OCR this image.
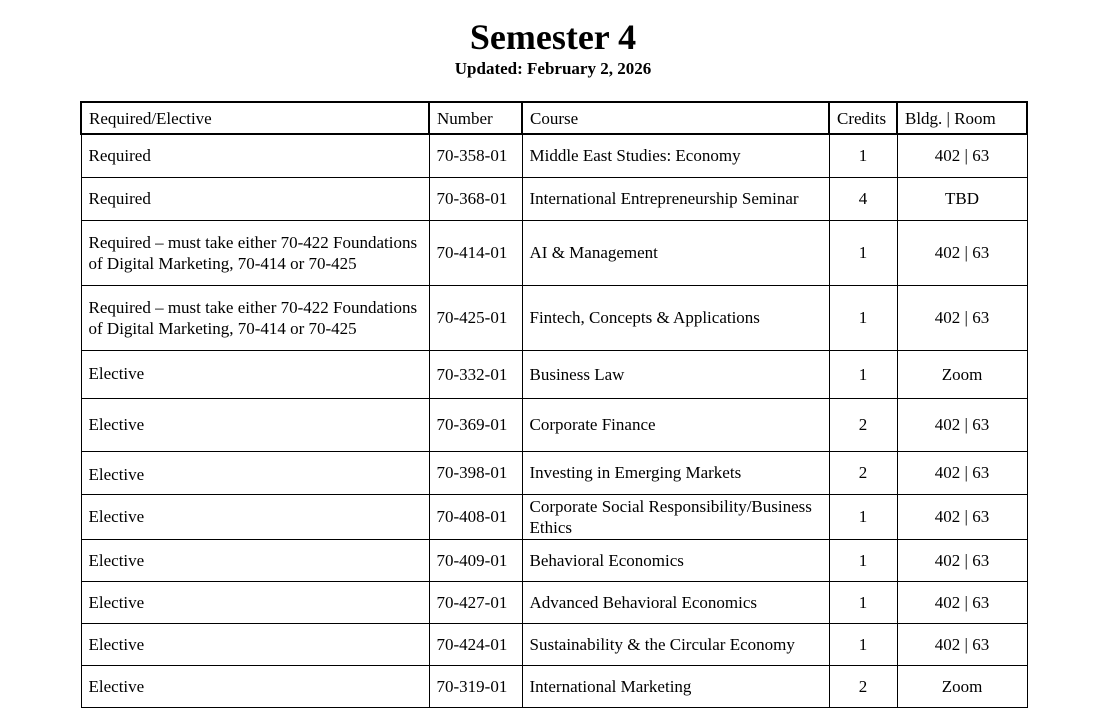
Semester 4
Updated: February 2, 2026
Required/Elective	Number	Course	Credits	Bldg. | Room
Required	70-358-01	Middle East Studies: Economy	1	402 | 63
Required	70-368-01	International Entrepreneurship Seminar	4	TBD
Required – must take either 70-422 Foundations of Digital Marketing, 70-414 or 70-425	70-414-01	AI & Management	1	402 | 63
Required – must take either 70-422 Foundations of Digital Marketing, 70-414 or 70-425	70-425-01	Fintech, Concepts & Applications	1	402 | 63
Elective	70-332-01	Business Law	1	Zoom
Elective	70-369-01	Corporate Finance	2	402 | 63
Elective	70-398-01	Investing in Emerging Markets	2	402 | 63
Elective	70-408-01	Corporate Social Responsibility/Business Ethics	1	402 | 63
Elective	70-409-01	Behavioral Economics	1	402 | 63
Elective	70-427-01	Advanced Behavioral Economics	1	402 | 63
Elective	70-424-01	Sustainability & the Circular Economy	1	402 | 63
Elective	70-319-01	International Marketing	2	Zoom
